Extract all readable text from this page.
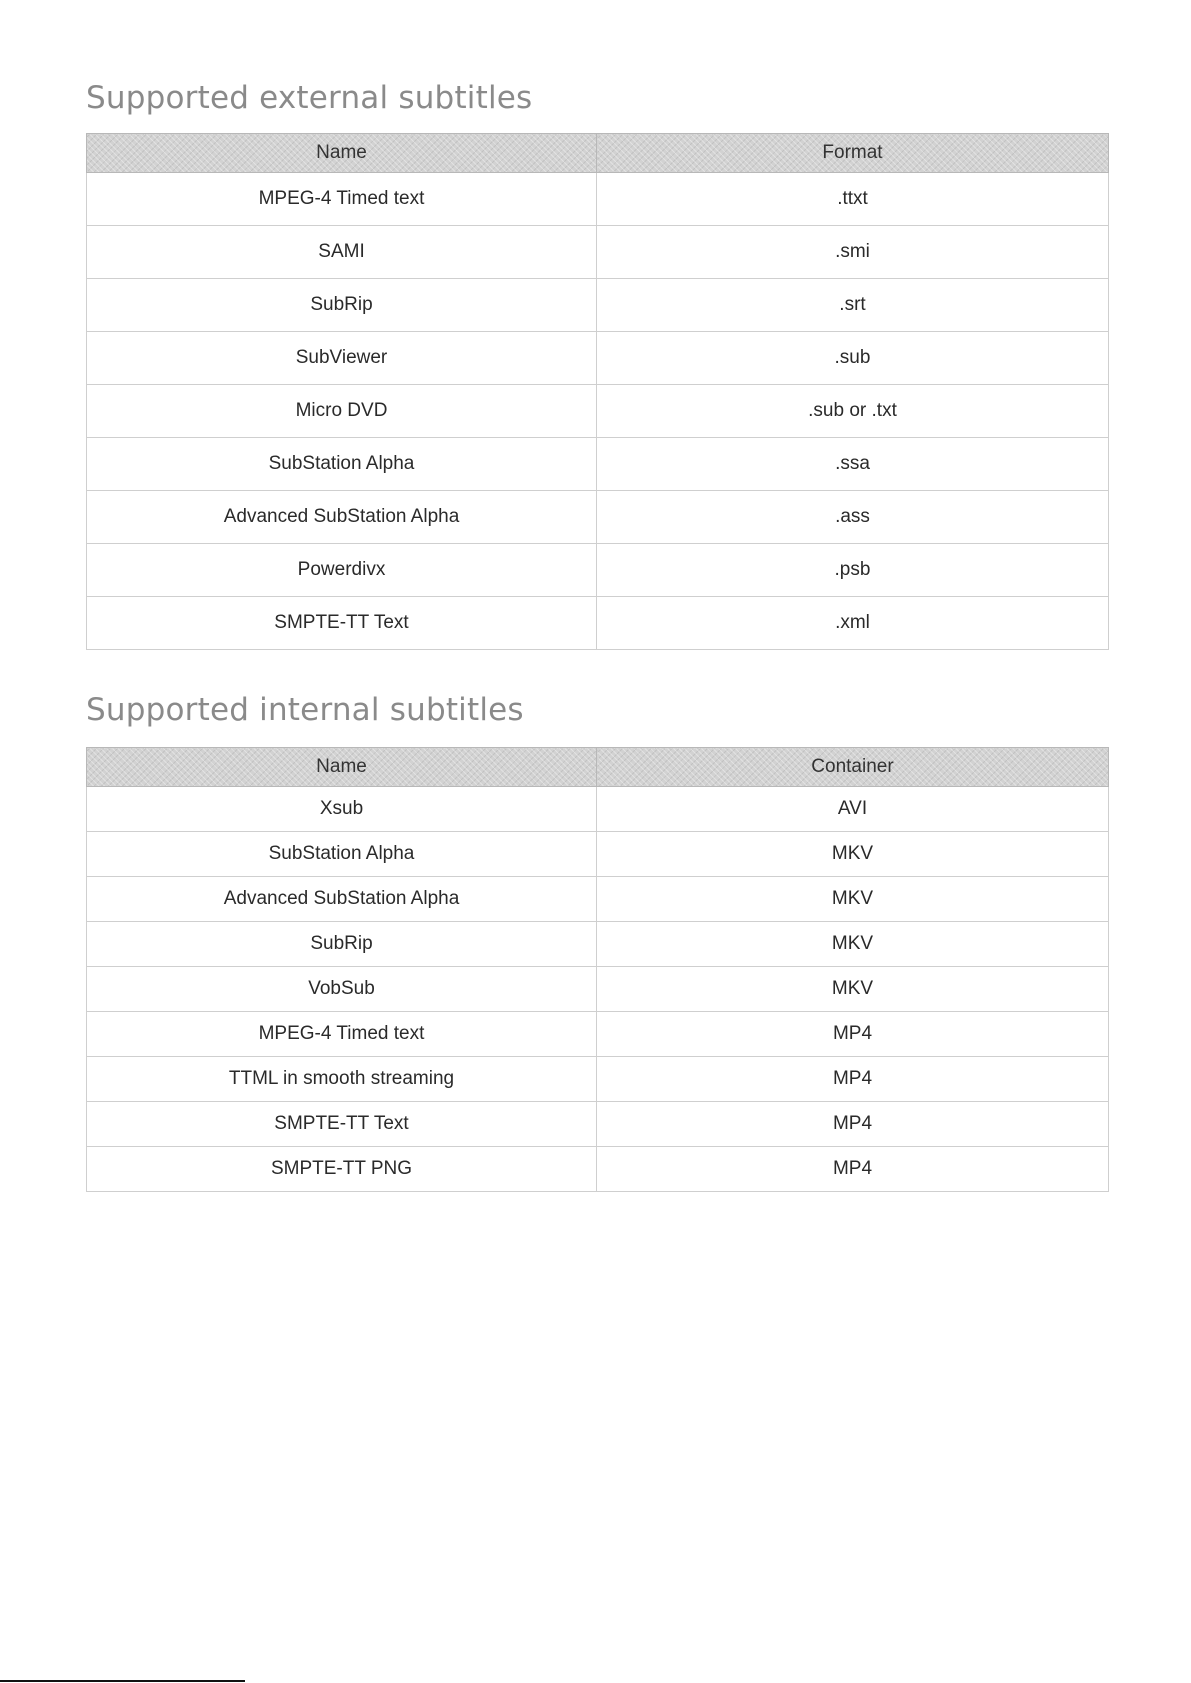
Supported external subtitles
Name	Format
MPEG-4 Timed text	.ttxt
SAMI	.smi
SubRip	.srt
SubViewer	.sub
Micro DVD	.sub or .txt
SubStation Alpha	.ssa
Advanced SubStation Alpha	.ass
Powerdivx	.psb
SMPTE-TT Text	.xml
Supported internal subtitles
Name	Container
Xsub	AVI
SubStation Alpha	MKV
Advanced SubStation Alpha	MKV
SubRip	MKV
VobSub	MKV
MPEG-4 Timed text	MP4
TTML in smooth streaming	MP4
SMPTE-TT Text	MP4
SMPTE-TT PNG	MP4
